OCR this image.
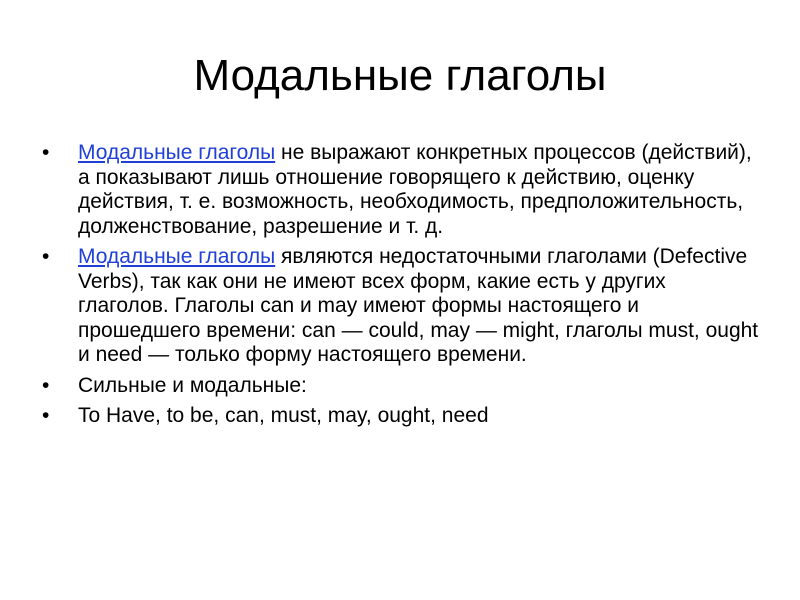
Модальные глаголы
• Модальные глаголы не выражают конкретных процессов (действий), а показывают лишь отношение говорящего к действию, оценку действия, т. е. возможность, необходимость, предположительность, долженствование, разрешение и т. д.
• Модальные глаголы являются недостаточными глаголами (Defective Verbs), так как они не имеют всех форм, какие есть у других глаголов. Глаголы can и may имеют формы настоящего и прошедшего времени: can — could, may — might, глаголы must, ought и need — только форму настоящего времени.
• Сильные и модальные:
• To Have, to be, can, must, may, ought, need
